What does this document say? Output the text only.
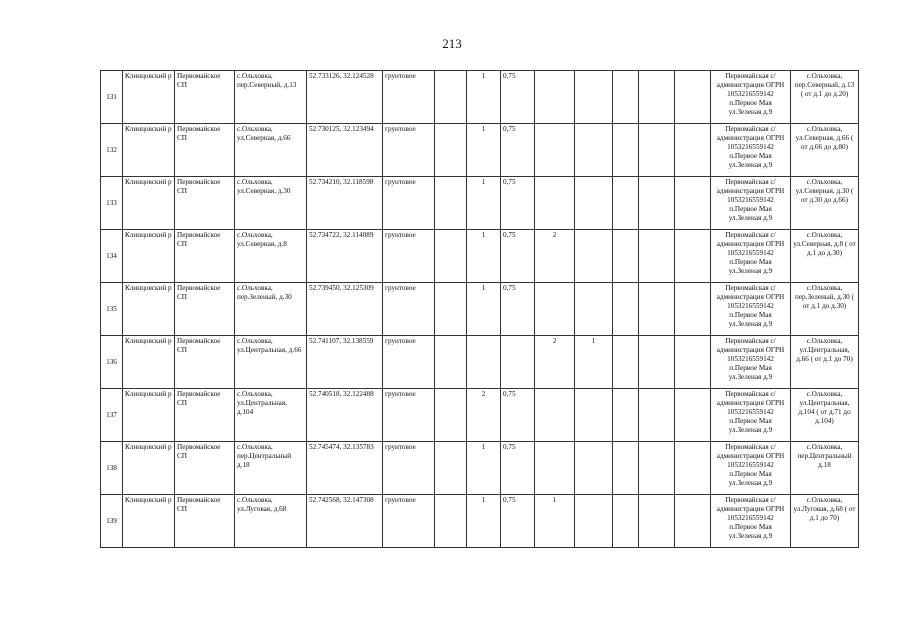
213
131	Клинцовский р	Первомайское СП	с.Ольховка, пер.Северный, д.13	52.733126, 32.124528	грунтовое		1	0,75						Первомайская с/администрация ОГРН 1053216559142 п.Первое Мая ул.Зеленая д.9	с.Ольховка, пер.Северный, д.13 ( от д.1 до д.20)

132	Клинцовский р	Первомайское СП	с.Ольховка, ул.Северная, д.66	52.730125, 32.123494	грунтовое		1	0,75						Первомайская с/администрация ОГРН 1053216559142 п.Первое Мая ул.Зеленая д.9	с.Ольховка, ул.Северная, д.66 ( от д.66 до д.80)

133	Клинцовский р	Первомайское СП	с.Ольховка, ул.Северная, д.30	52.734210, 32.118598	грунтовое		1	0,75						Первомайская с/администрация ОГРН 1053216559142 п.Первое Мая ул.Зеленая д.9	с.Ольховка, ул.Северная, д.30 ( от д.30 до д.66)

134	Клинцовский р	Первомайское СП	с.Ольховка, ул.Северная, д.8	52.734722, 32.114089	грунтовое		1	0,75	2					Первомайская с/администрация ОГРН 1053216559142 п.Первое Мая ул.Зеленая д.9	с.Ольховка, ул.Северная, д.8 ( от д.1 до д.30)

135	Клинцовский р	Первомайское СП	с.Ольховка, пер.Зеленый, д.30	52.739450, 32.125309	грунтовое		1	0,75						Первомайская с/администрация ОГРН 1053216559142 п.Первое Мая ул.Зеленая д.9	с.Ольховка, пер.Зеленый, д.30 ( от д.1 до д.30)

136	Клинцовский р	Первомайское СП	с.Ольховка, ул.Центральная, д.66	52.741107, 32.138559	грунтовое				2	1				Первомайская с/администрация ОГРН 1053216559142 п.Первое Мая ул.Зеленая д.9	с.Ольховка, ул.Центральная, д.66 ( от д.1 до 70)

137	Клинцовский р	Первомайское СП	с.Ольховка, ул.Центральная, д.104	52.740518, 32.122488	грунтовое		2	0,75						Первомайская с/администрация ОГРН 1053216559142 п.Первое Мая ул.Зеленая д.9	с.Ольховка, ул.Центральная, д.104 ( от д.71 до д.104)

138	Клинцовский р	Первомайское СП	с.Ольховка, пер.Центральный д.18	52.745474, 32.135783	грунтовое		1	0,75						Первомайская с/администрация ОГРН 1053216559142 п.Первое Мая ул.Зеленая д.9	с.Ольховка, пер.Центральный д.18

139	Клинцовский р	Первомайское СП	с.Ольховка, ул.Луговая, д.68	52.742568, 32.147308	грунтовое		1	0,75	1					Первомайская с/администрация ОГРН 1053216559142 п.Первое Мая ул.Зеленая д.9	с.Ольховка, ул.Луговая, д.68 ( от д.1 до 70)
